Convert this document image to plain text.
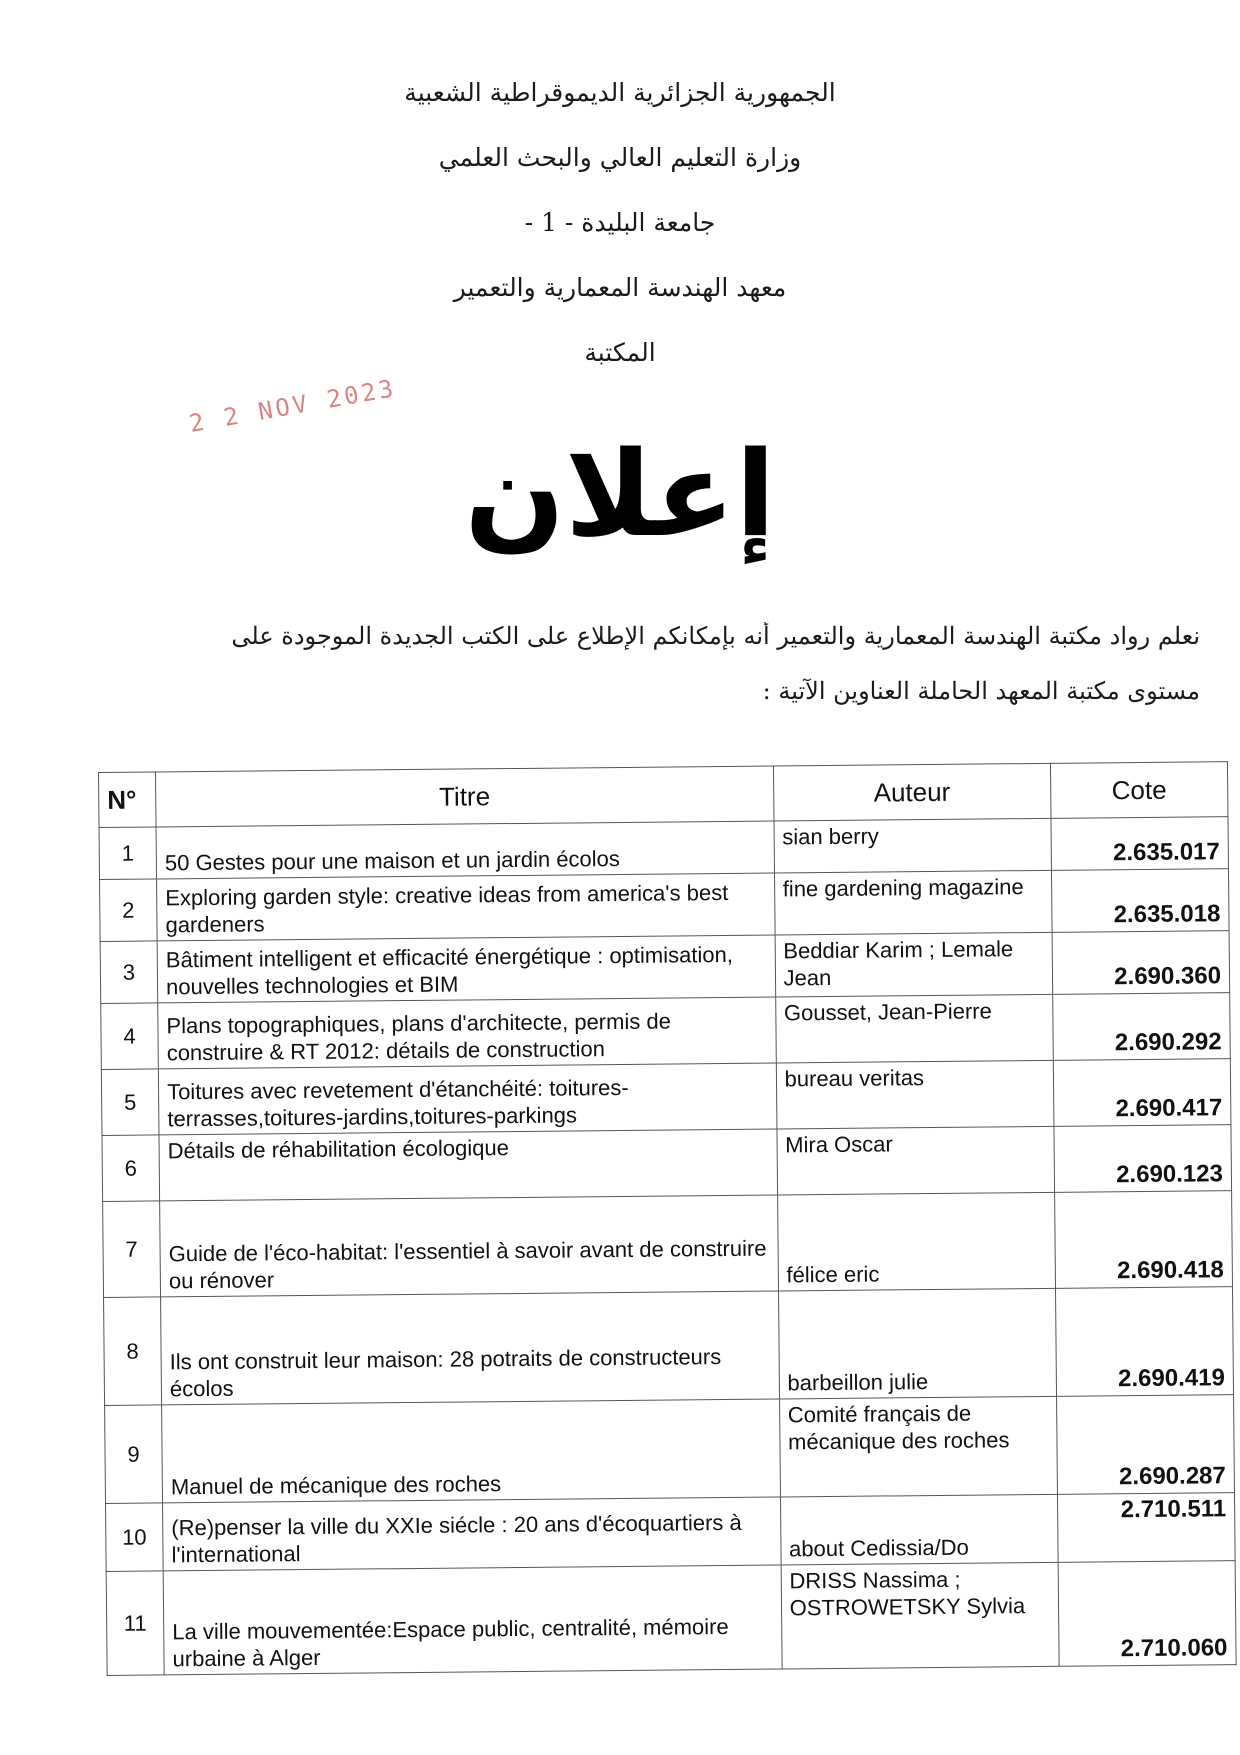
الجمهورية الجزائرية الديموقراطية الشعبية
وزارة التعليم العالي والبحث العلمي
جامعة البليدة - 1 -
معهد الهندسة المعمارية والتعمير
المكتبة
2 2 NOV 2023
إعلان
نعلم رواد مكتبة الهندسة المعمارية والتعمير أنه بإمكانكم الإطلاع على الكتب الجديدة الموجودة على
مستوى مكتبة المعهد الحاملة العناوين الآتية :
N°	Titre	Auteur	Cote
1	50 Gestes pour une maison et un jardin écolos	sian berry	2.635.017
2	Exploring garden style: creative ideas from america's best gardeners	fine gardening magazine	2.635.018
3	Bâtiment intelligent et efficacité énergétique : optimisation, nouvelles technologies et BIM	Beddiar Karim ; Lemale Jean	2.690.360
4	Plans topographiques, plans d'architecte, permis de construire & RT 2012: détails de construction	Gousset, Jean-Pierre	2.690.292
5	Toitures avec revetement d'étanchéité: toitures-terrasses,toitures-jardins,toitures-parkings	bureau veritas	2.690.417
6	Détails de réhabilitation écologique	Mira Oscar	2.690.123
7	Guide de l'éco-habitat: l'essentiel à savoir avant de construire ou rénover	félice eric	2.690.418
8	Ils ont construit leur maison: 28 potraits de constructeurs écolos	barbeillon julie	2.690.419
9	Manuel de mécanique des roches	Comité français de mécanique des roches	2.690.287
10	(Re)penser la ville du XXIe siécle : 20 ans d'écoquartiers à l'international	about Cedissia/Do	2.710.511
11	La ville mouvementée:Espace public, centralité, mémoire urbaine à Alger	DRISS Nassima ; OSTROWETSKY Sylvia	2.710.060
